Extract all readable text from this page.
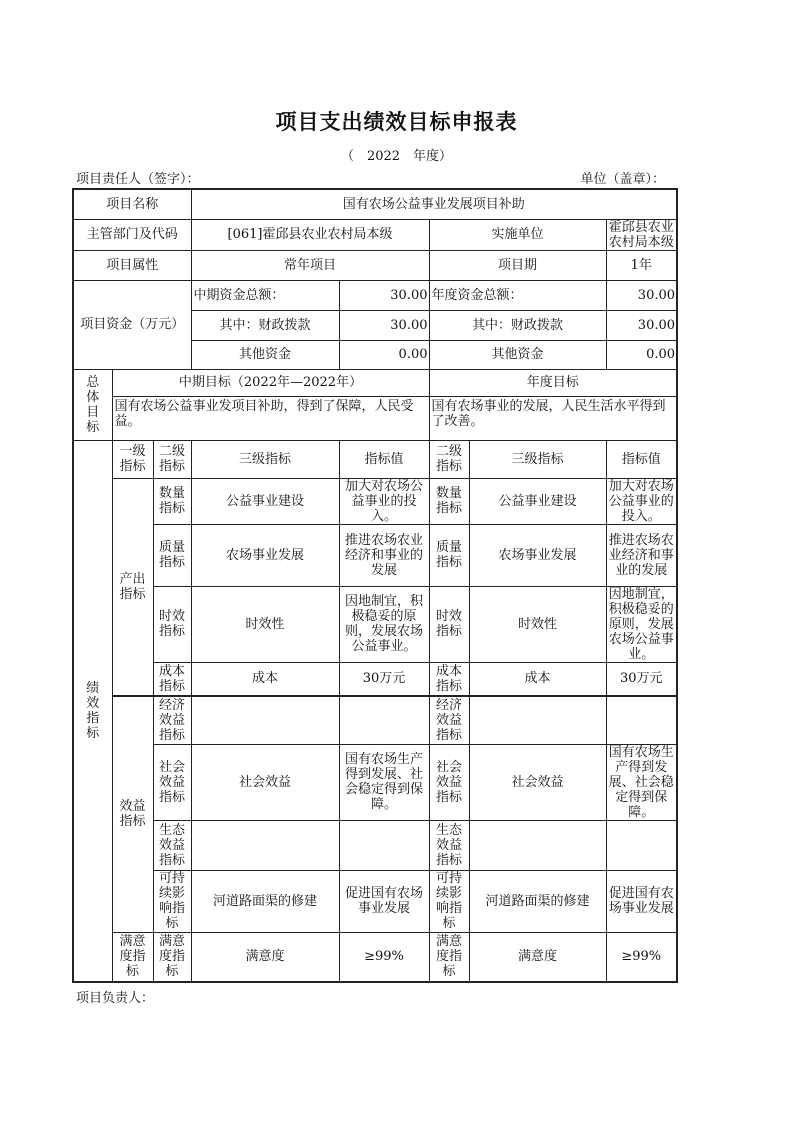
项目支出绩效目标申报表
（　2022　年度）
项目责任人（签字）：	单位（盖章）：
项目名称			国有农场公益事业发展项目补助				
主管部门及代码			[061]霍邱县农业农村局本级		实施单位		霍邱县农业农村局本级
项目属性			常年项目		项目期		1年
项目资金（万元）			中期资金总额：	30.00	年度资金总额：		30.00
			其中：财政拨款	30.00	其中：财政拨款		30.00
			其他资金	0.00	其他资金		0.00
总体目标	中期目标（2022年—2022年）				年度目标		
	国有农场公益事业发项目补助，得到了保障，人民受益。				国有农场事业的发展，人民生活水平得到了改善。		
绩效指标	一级指标	二级指标	三级指标	指标值	二级指标	三级指标	指标值
	产出指标	数量指标	公益事业建设	加大对农场公益事业的投入。	数量指标	公益事业建设	加大对农场公益事业的投入。
		质量指标	农场事业发展	推进农场农业经济和事业的发展	质量指标	农场事业发展	推进农场农业经济和事业的发展
		时效指标	时效性	因地制宜，积极稳妥的原则，发展农场公益事业。	时效指标	时效性	因地制宜，积极稳妥的原则，发展农场公益事业。
		成本指标	成本	30万元	成本指标	成本	30万元
	效益指标	经济效益指标			经济效益指标		
		社会效益指标	社会效益	国有农场生产得到发展、社会稳定得到保障。	社会效益指标	社会效益	国有农场生产得到发展、社会稳定得到保障。
		生态效益指标			生态效益指标		
		可持续影响指标	河道路面渠的修建	促进国有农场事业发展	可持续影响指标	河道路面渠的修建	促进国有农场事业发展
	满意度指标	满意度指标	满意度	≥99%	满意度指标	满意度	≥99%
项目负责人：
